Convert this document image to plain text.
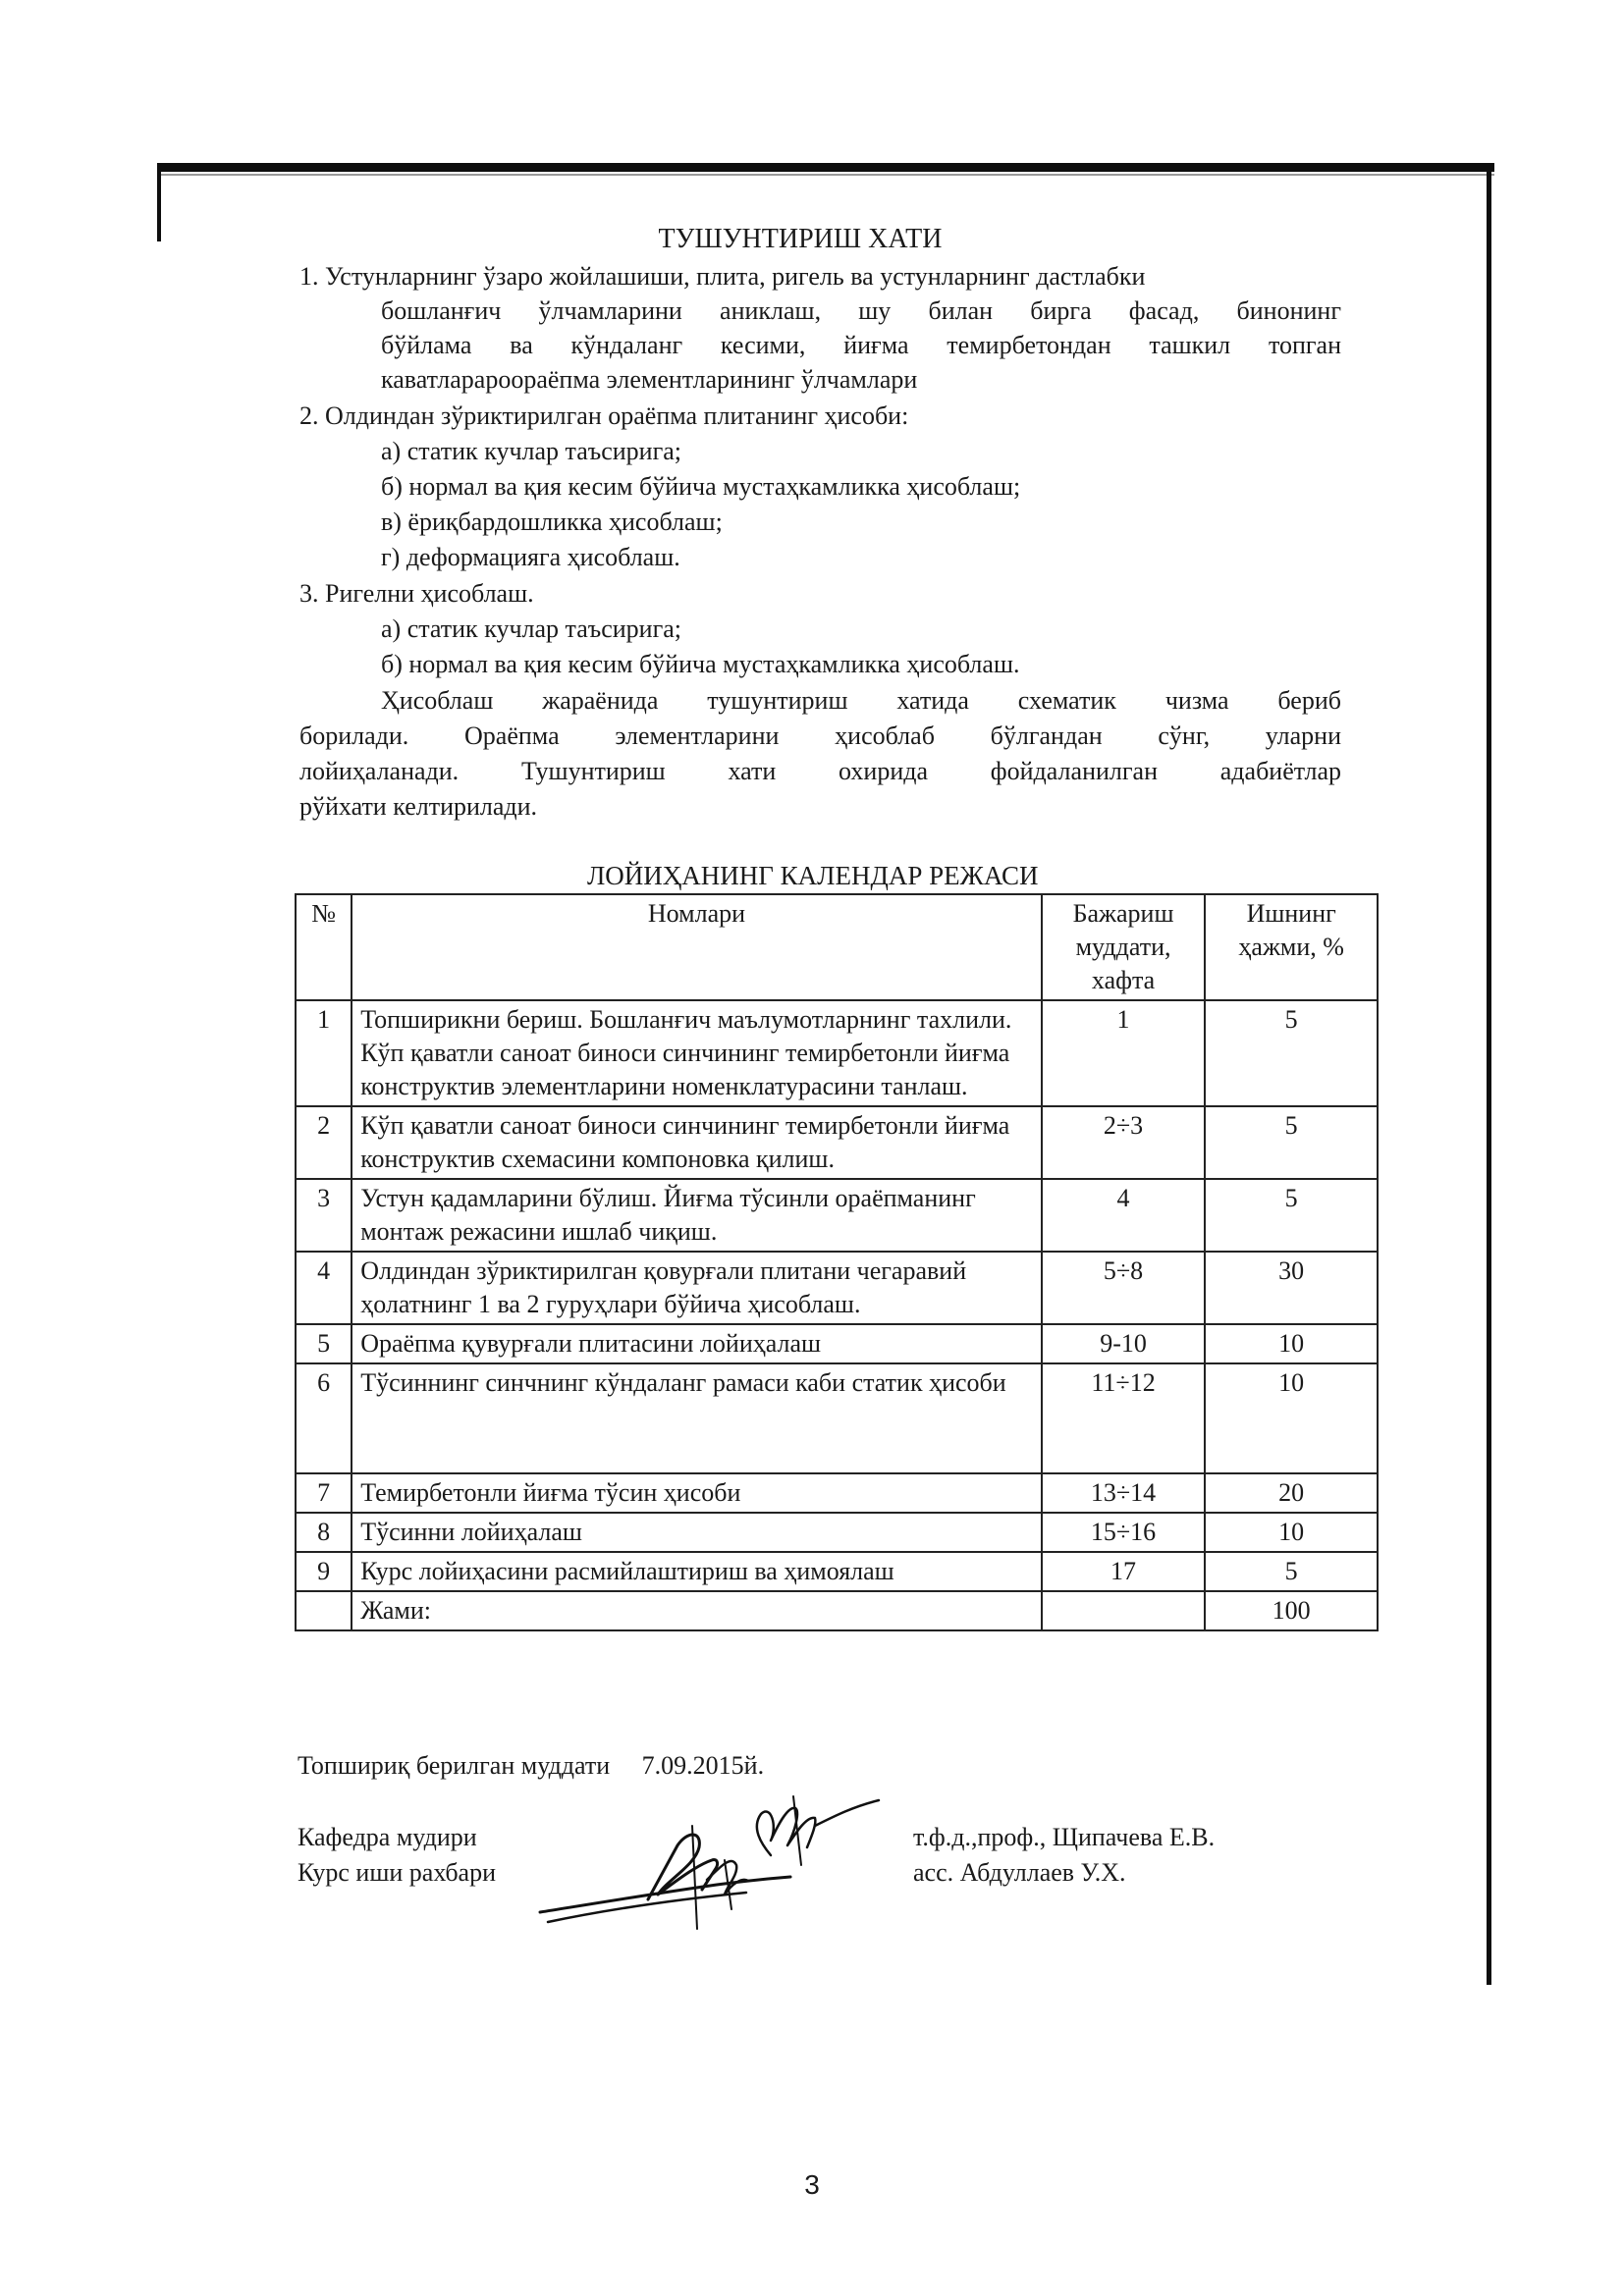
ТУШУНТИРИШ ХАТИ
1. Устунларнинг ўзаро жойлашиши, плита, ригель ва устунларнинг дастлабки
бошланғич ўлчамларини аниклаш, шу билан бирга фасад, бинонинг
бўйлама ва кўндаланг кесими, йиғма темирбетондан ташкил топган
каватларароораёпма элементларининг ўлчамлари
2. Олдиндан зўриктирилган ораёпма плитанинг ҳисоби:
а) статик кучлар таъсирига;
б) нормал ва қия кесим бўйича мустаҳкамликка ҳисоблаш;
в) ёриқбардошликка ҳисоблаш;
г) деформацияга ҳисоблаш.
3. Ригелни ҳисоблаш.
а) статик кучлар таъсирига;
б) нормал ва қия кесим бўйича мустаҳкамликка ҳисоблаш.
Ҳисоблаш жараёнида тушунтириш хатида схематик чизма бериб
борилади. Ораёпма элементларини ҳисоблаб бўлгандан сўнг, уларни
лойиҳаланади. Тушунтириш хати охирида фойдаланилган адабиётлар
рўйхати келтирилади.
ЛОЙИҲАНИНГ КАЛЕНДАР РЕЖАСИ
№	Номлари	Бажариш муддати, хафта	Ишнинг ҳажми, %
1	Топширикни бериш. Бошланғич маълумотларнинг тахлили. Кўп қаватли саноат биноси синчининг темирбетонли йиғма конструктив элементларини номенклатурасини танлаш.	1	5
2	Кўп қаватли саноат биноси синчининг темирбетонли йиғма конструктив схемасини компоновка қилиш.	2÷3	5
3	Устун қадамларини бўлиш. Йиғма тўсинли ораёпманинг монтаж режасини ишлаб чиқиш.	4	5
4	Олдиндан зўриктирилган қовурғали плитани чегаравий ҳолатнинг 1 ва 2 гуруҳлари бўйича ҳисоблаш.	5÷8	30
5	Ораёпма қувурғали плитасини лойиҳалаш	9-10	10
6	Тўсиннинг синчнинг кўндаланг рамаси каби статик ҳисоби	11÷12	10
7	Темирбетонли йиғма тўсин ҳисоби	13÷14	20
8	Тўсинни лойиҳалаш	15÷16	10
9	Курс лойиҳасини расмийлаштириш ва ҳимоялаш	17	5
	Жами:		100
Топшириқ берилган муддати     7.09.2015й.
Кафедра мудири
Курс иши рахбари
т.ф.д.,проф., Щипачева Е.В.
асс. Абдуллаев У.Х.
3
